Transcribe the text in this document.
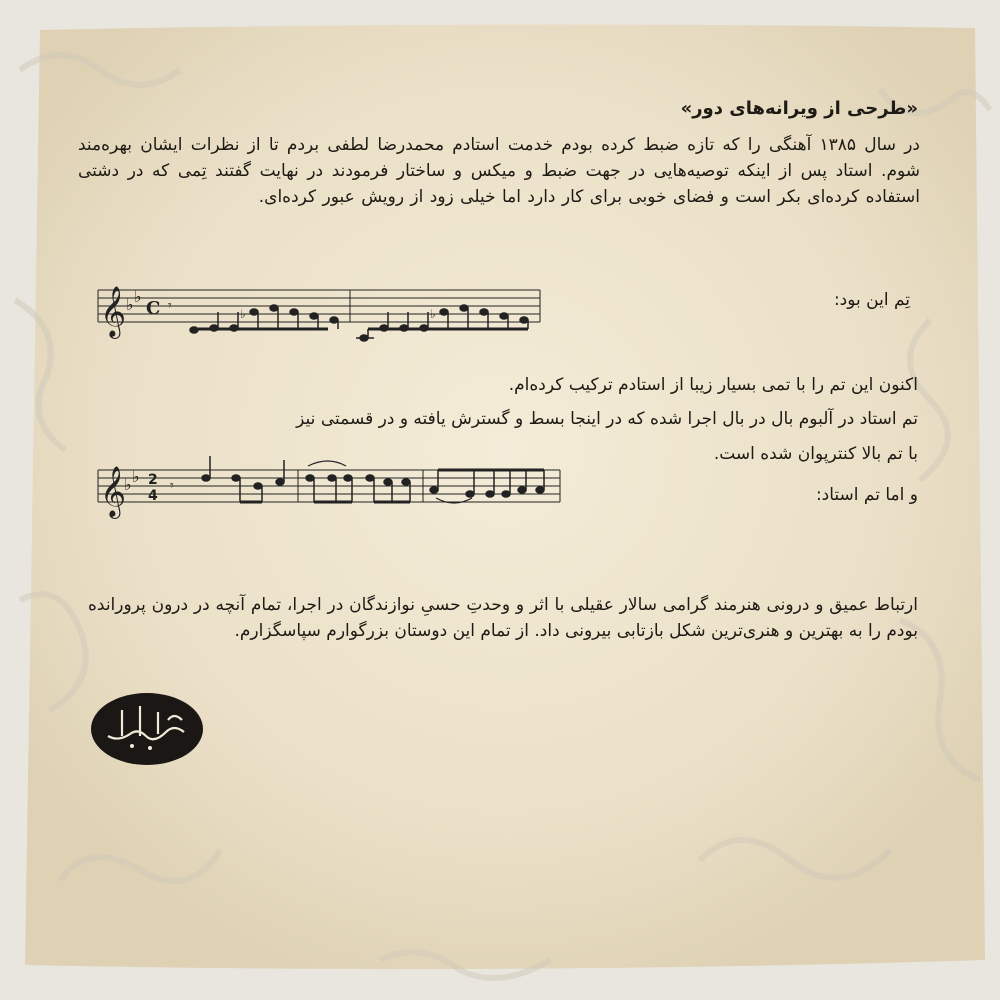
«طرحی از ویرانه‌های دور»
در سال ۱۳۸۵ آهنگی را که تازه ضبط کرده بودم خدمت استادم محمدرضا لطفی بردم تا از نظرات ایشان بهره‌مند شوم. استاد پس از اینکه توصیه‌هایی در جهت ضبط و میکس و ساختار فرمودند در نهایت گفتند تِمی که در دشتی استفاده کرده‌ای بکر است و فضای خوبی برای کار دارد اما خیلی زود از رویش عبور کرده‌ای.
تِم این بود:
𝄞 ♭ ♭
C 𝄾	♭	♭
اکنون این تم را با تمی بسیار زیبا از استادم ترکیب کرده‌ام.
تم استاد در آلبوم بال در بال اجرا شده که در اینجا بسط و گسترش یافته و در قسمتی نیز
با تم بالا کنترپوان شده است.
و اما تم استاد:
𝄞
♭ ♭ 2
4
𝄾
ارتباط عمیق و درونی هنرمند گرامی سالار عقیلی با اثر و وحدتِ حسیِ نوازندگان در اجرا، تمام آنچه در درون پرورانده بودم را به بهترین و هنری‌ترین شکل بازتابی بیرونی داد. از تمام این دوستان بزرگوارم سپاسگزارم.
